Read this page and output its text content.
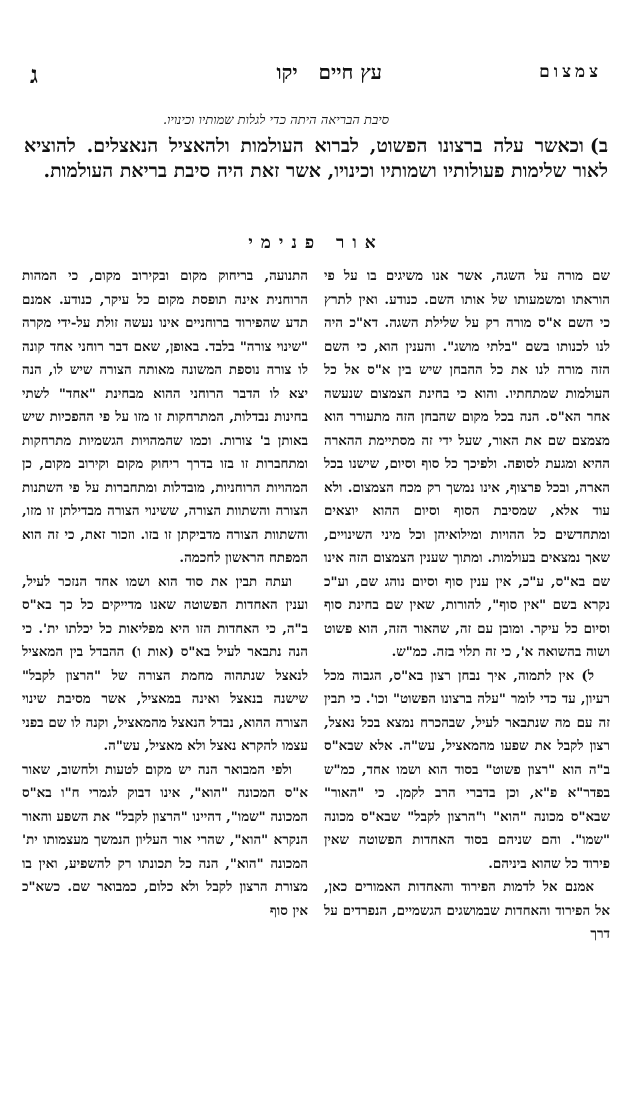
צמצום
עץ חיים   יקו
ג
סיבת הבריאה היתה כדי לגלות שמותיו וכינויו.
ב)וכאשר עלה ברצונו הפשוט, לברוא העולמות ולהאציל הנאצלים. להוציא לאור שלימות פעולותיו ושמותיו וכינויו, אשר זאת היה סיבת בריאת העולמות.
אור פנימי

שם מורה על השגה, אשר אנו משיגים בו על פי הוראתו ומשמעותו של אותו השם. כנודע. ואין לתרץ כי השם א"ס מורה רק על שלילת השגה. דא"כ היה לנו לכנותו בשם "בלתי מושג". והענין הוא, כי השם הזה מורה לנו את כל ההבחן שיש בין א"ס אל כל העולמות שמתחתיו. והוא כי בחינת הצמצום שנעשה אחר הא"ס. הנה בכל מקום שהבחן הזה מתעורר הוא מצמצם שם את האור, שעל ידי זה מסתיימת ההארה ההיא ומגעת לסופה. ולפיכך כל סוף וסיום, שישנו בכל הארה, ובכל פרצוף, אינו נמשך רק מכח הצמצום. ולא עוד אלא, שמסיבת הסוף וסיום ההוא יוצאים ומתחדשים כל ההויות ומילואיהן וכל מיני השינויים, שאך נמצאים בעולמות. ומתוך שענין הצמצום הזה אינו שם בא"ס, ע"כ, אין ענין סוף וסיום נוהג שם, וע"כ נקרא בשם "אין סוף", להורות, שאין שם בחינת סוף וסיום כל עיקר. ומובן עם זה, שהאור הזה, הוא פשוט ושוה בהשואה א', כי זה תלוי בזה. כמ"ש.

ל) אין לתמוה, איך נבחן רצון בא"ס, הגבוה מכל רעיון, עד כדי לומר "עלה ברצונו הפשוט" וכו'. כי תבין זה עם מה שנתבאר לעיל, שבהכרח נמצא בכל נאצל, רצון לקבל את שפעו מהמאציל, עש"ה. אלא שבא"ס ב"ה הוא "רצון פשוט" בסוד הוא ושמו אחד, כמ"ש בפדר"א פ"א, וכן בדברי הרב לקמן. כי "האור" שבא"ס מכונה "הוא" ו"הרצון לקבל" שבא"ס מכונה "שמו". והם שניהם בסוד האחדות הפשוטה שאין פירוד כל שהוא ביניהם.

אמנם אל לדמות הפירוד והאחדות האמורים כאן, אל הפירוד והאחדות שבמושגים הגשמיים, הנפרדים על דרך

התנועה, בריחוק מקום ובקירוב מקום, כי המהות הרוחנית אינה תופסת מקום כל עיקר, כנודע. אמנם תדע שהפירוד ברוחניים אינו נעשה זולת על-ידי מקרה "שינוי צורה" בלבד. באופן, שאם דבר רוחני אחד קונה לו צורה נוספת המשונה מאותה הצורה שיש לו, הנה יצא לו הדבר הרוחני ההוא מבחינת "אחד" לשתי בחינות נבדלות, המתרחקות זו מזו על פי ההפכיות שיש באותן ב' צורות. וכמו שהמהויות הגשמיות מתרחקות ומתחברות זו בזו בדרך ריחוק מקום וקירוב מקום, כן המהויות הרוחניות, מובדלות ומתחברות על פי השתנות הצורה והשתוות הצורה, ששינוי הצורה מבדילתן זו מזו, והשתוות הצורה מדביקתן זו בזו. וזכור זאת, כי זה הוא המפתח הראשון לחכמה.

ועתה תבין את סוד הוא ושמו אחד הנזכר לעיל, וענין האחדות הפשוטה שאנו מדייקים כל כך בא"ס ב"ה, כי האחדות הזו היא מפליאות כל יכלתו ית'. כי הנה נתבאר לעיל בא"ס (אות ו) ההבדל בין המאציל לנאצל שנתהוה מחמת הצורה של "הרצון לקבל" שישנה בנאצל ואינה במאציל, אשר מסיבת שינוי הצורה ההוא, נבדל הנאצל מהמאציל, וקנה לו שם בפני עצמו להקרא נאצל ולא מאציל, עש"ה.

ולפי המבואר הנה יש מקום לטעות ולחשוב, שאור א"ס המכונה "הוא", אינו דבוק לגמרי ח"ו בא"ס המכונה "שמו", דהיינו "הרצון לקבל" את השפע והאור הנקרא "הוא", שהרי אור העליון הנמשך מעצמותו ית' המכונה "הוא", הנה כל תכונתו רק להשפיע, ואין בו מצורת הרצון לקבל ולא כלום, כמבואר שם. כשא"כ אין סוף
